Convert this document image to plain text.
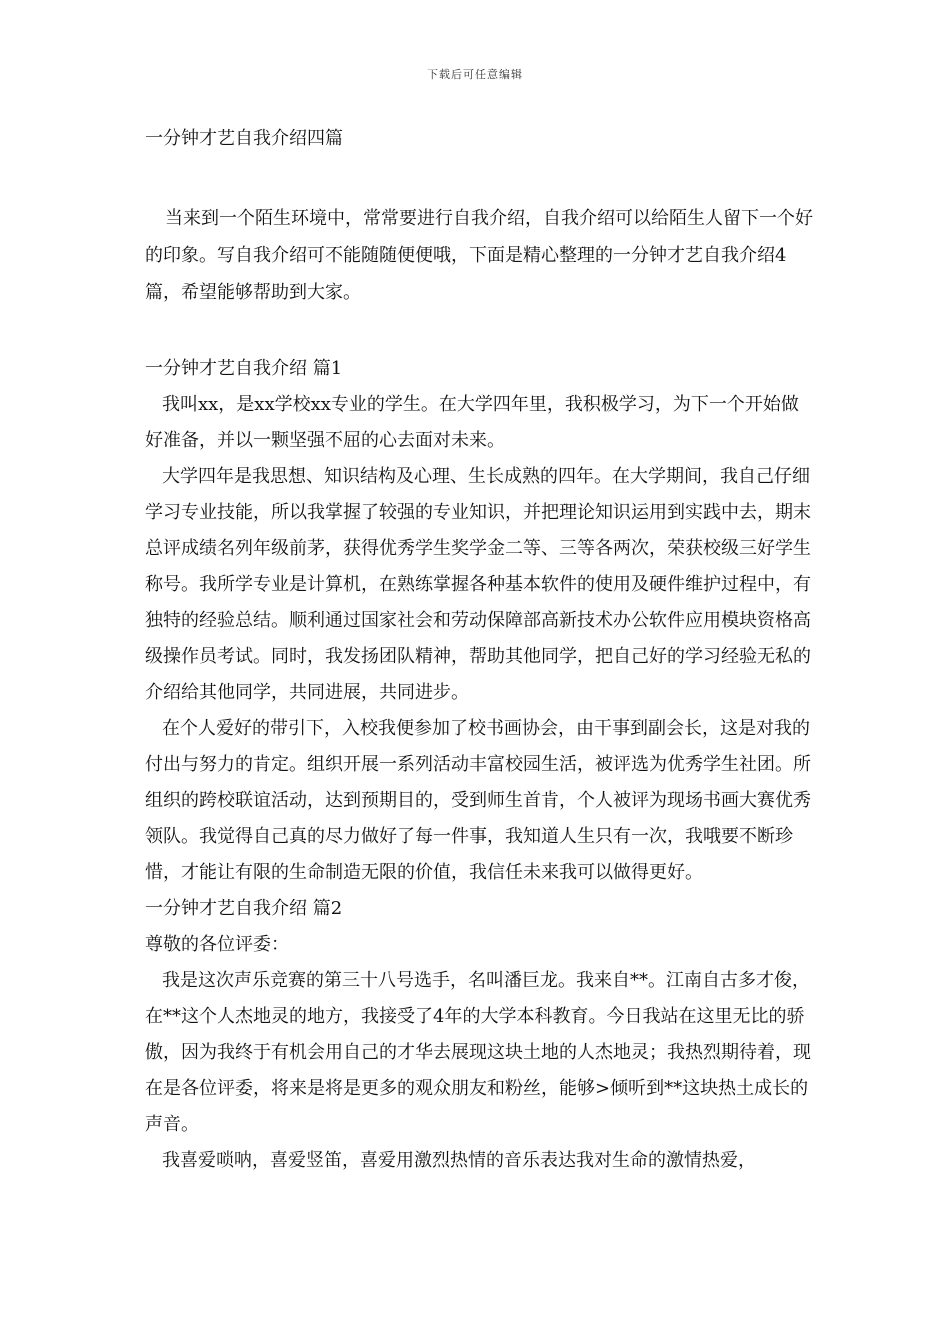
下载后可任意编辑
一分钟才艺自我介绍四篇

当来到一个陌生环境中，常常要进行自我介绍，自我介绍可以给陌生人留下一个好的印象。写自我介绍可不能随随便便哦，下面是精心整理的一分钟才艺自我介绍4篇，希望能够帮助到大家。

一分钟才艺自我介绍 篇1

我叫xx，是xx学校xx专业的学生。在大学四年里，我积极学习，为下一个开始做好准备，并以一颗坚强不屈的心去面对未来。

大学四年是我思想、知识结构及心理、生长成熟的四年。在大学期间，我自己仔细学习专业技能，所以我掌握了较强的专业知识，并把理论知识运用到实践中去，期末总评成绩名列年级前茅，获得优秀学生奖学金二等、三等各两次，荣获校级三好学生称号。我所学专业是计算机，在熟练掌握各种基本软件的使用及硬件维护过程中，有独特的经验总结。顺利通过国家社会和劳动保障部高新技术办公软件应用模块资格高级操作员考试。同时，我发扬团队精神，帮助其他同学，把自己好的学习经验无私的介绍给其他同学，共同进展，共同进步。

在个人爱好的带引下，入校我便参加了校书画协会，由干事到副会长，这是对我的付出与努力的肯定。组织开展一系列活动丰富校园生活，被评选为优秀学生社团。所组织的跨校联谊活动，达到预期目的，受到师生首肯，个人被评为现场书画大赛优秀领队。我觉得自己真的尽力做好了每一件事，我知道人生只有一次，我哦要不断珍惜，才能让有限的生命制造无限的价值，我信任未来我可以做得更好。

一分钟才艺自我介绍 篇2

尊敬的各位评委：

我是这次声乐竞赛的第三十八号选手，名叫潘巨龙。我来自**。江南自古多才俊，在**这个人杰地灵的地方，我接受了4年的大学本科教育。今日我站在这里无比的骄傲，因为我终于有机会用自己的才华去展现这块土地的人杰地灵；我热烈期待着，现在是各位评委，将来是将是更多的观众朋友和粉丝，能够>倾听到**这块热土成长的声音。

我喜爱唢呐，喜爱竖笛，喜爱用激烈热情的音乐表达我对生命的激情热爱，
